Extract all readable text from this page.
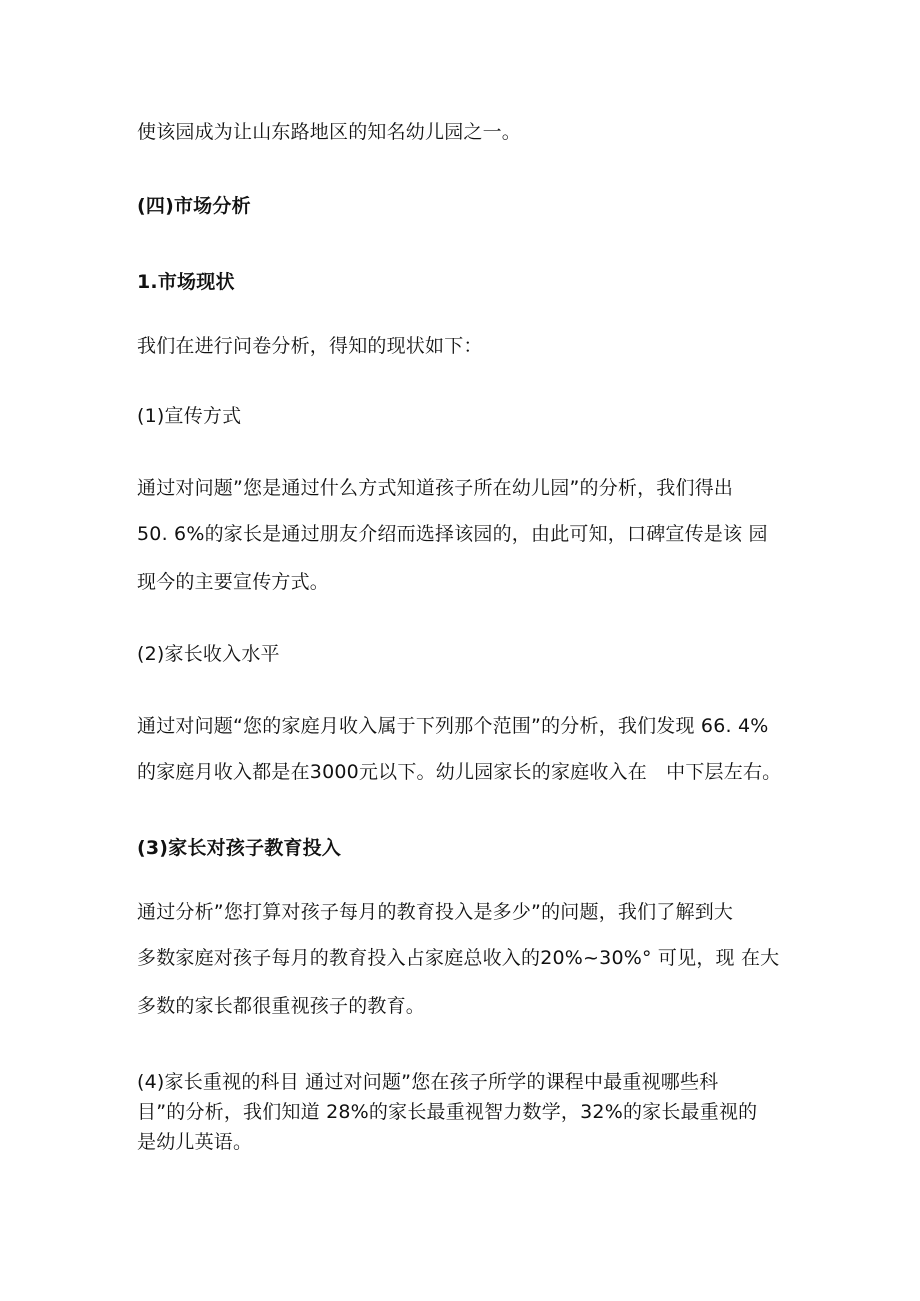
使该园成为让山东路地区的知名幼儿园之一。
(四)市场分析
1.市场现状
我们在进行问卷分析，得知的现状如下：
(1)宣传方式
通过对问题”您是通过什么方式知道孩子所在幼儿园”的分析，我们得出
50. 6%的家长是通过朋友介绍而选择该园的，由此可知，口碑宣传是该 园
现今的主要宣传方式。
(2)家长收入水平
通过对问题“您的家庭月收入属于下列那个范围”的分析，我们发现 66. 4%
的家庭月收入都是在3000元以下。幼儿园家长的家庭收入在　中下层左右。
(3)家长对孩子教育投入
通过分析”您打算对孩子每月的教育投入是多少”的问题，我们了解到大
多数家庭对孩子每月的教育投入占家庭总收入的20%~30%° 可见，现 在大
多数的家长都很重视孩子的教育。
(4)家长重视的科目 通过对问题”您在孩子所学的课程中最重视哪些科
目”的分析，我们知道 28%的家长最重视智力数学，32%的家长最重视的
是幼儿英语。
